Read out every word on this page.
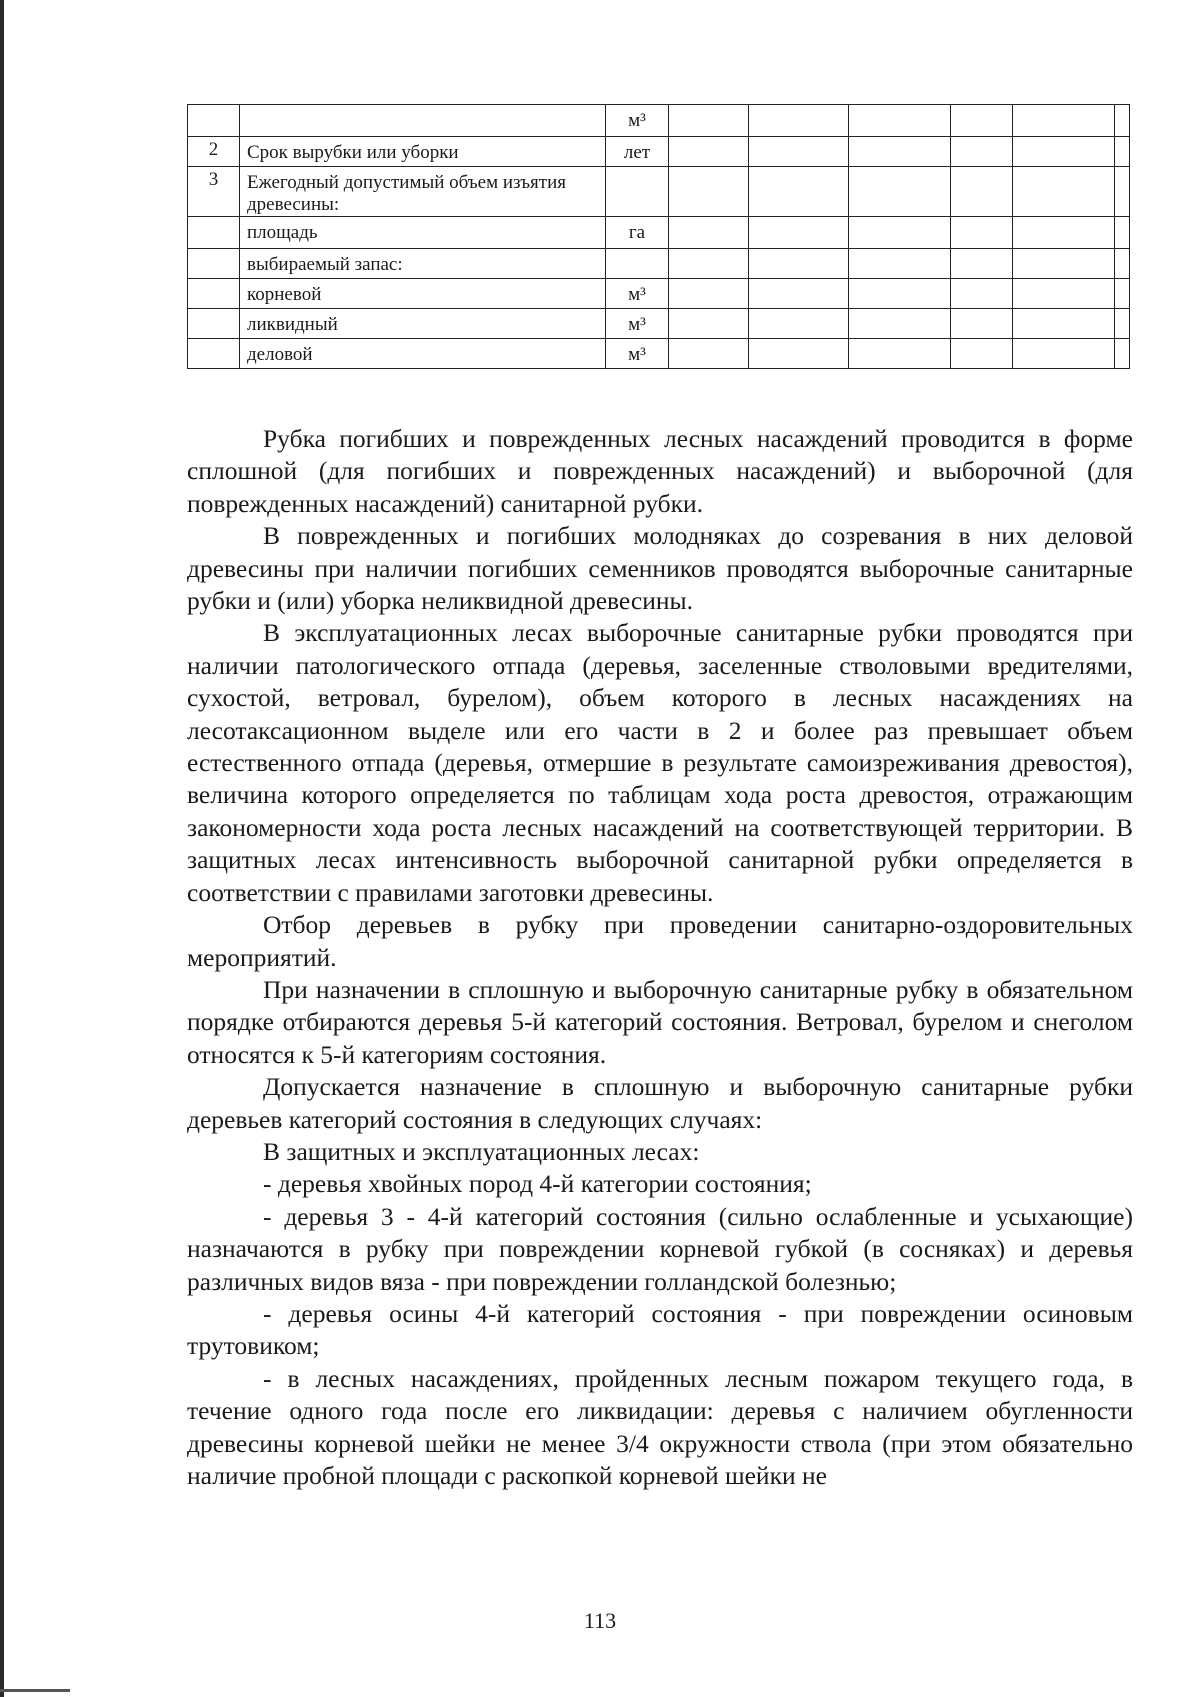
		м³						
2	Срок вырубки или уборки	лет						
3	Ежегодный допустимый объем изъятия древесины:							
	площадь	га						
	выбираемый запас:							
	корневой	м³						
	ликвидный	м³						
	деловой	м³						

Рубка погибших и поврежденных лесных насаждений проводится в форме сплошной (для погибших и поврежденных насаждений) и выборочной (для поврежденных насаждений) санитарной рубки.

В поврежденных и погибших молодняках до созревания в них деловой древесины при наличии погибших семенников проводятся выборочные санитарные рубки и (или) уборка неликвидной древесины.

В эксплуатационных лесах выборочные санитарные рубки проводятся при наличии патологического отпада (деревья, заселенные стволовыми вредителями, сухостой, ветровал, бурелом), объем которого в лесных насаждениях на лесотаксационном выделе или его части в 2 и более раз превышает объем естественного отпада (деревья, отмершие в результате самоизреживания древостоя), величина которого определяется по таблицам хода роста древостоя, отражающим закономерности хода роста лесных насаждений на соответствующей территории. В защитных лесах интенсивность выборочной санитарной рубки определяется в соответствии с правилами заготовки древесины.

Отбор деревьев в рубку при проведении санитарно-оздоровительных мероприятий.

При назначении в сплошную и выборочную санитарные рубку в обязательном порядке отбираются деревья 5-й категорий состояния. Ветровал, бурелом и снеголом относятся к 5-й категориям состояния.

Допускается назначение в сплошную и выборочную санитарные рубки деревьев категорий состояния в следующих случаях:

В защитных и эксплуатационных лесах:

- деревья хвойных пород 4-й категории состояния;

- деревья 3 - 4-й категорий состояния (сильно ослабленные и усыхающие) назначаются в рубку при повреждении корневой губкой (в сосняках) и деревья различных видов вяза - при повреждении голландской болезнью;

- деревья осины 4-й категорий состояния - при повреждении осиновым трутовиком;

- в лесных насаждениях, пройденных лесным пожаром текущего года, в течение одного года после его ликвидации: деревья с наличием обугленности древесины корневой шейки не менее 3/4 окружности ствола (при этом обязательно наличие пробной площади с раскопкой корневой шейки не

113
